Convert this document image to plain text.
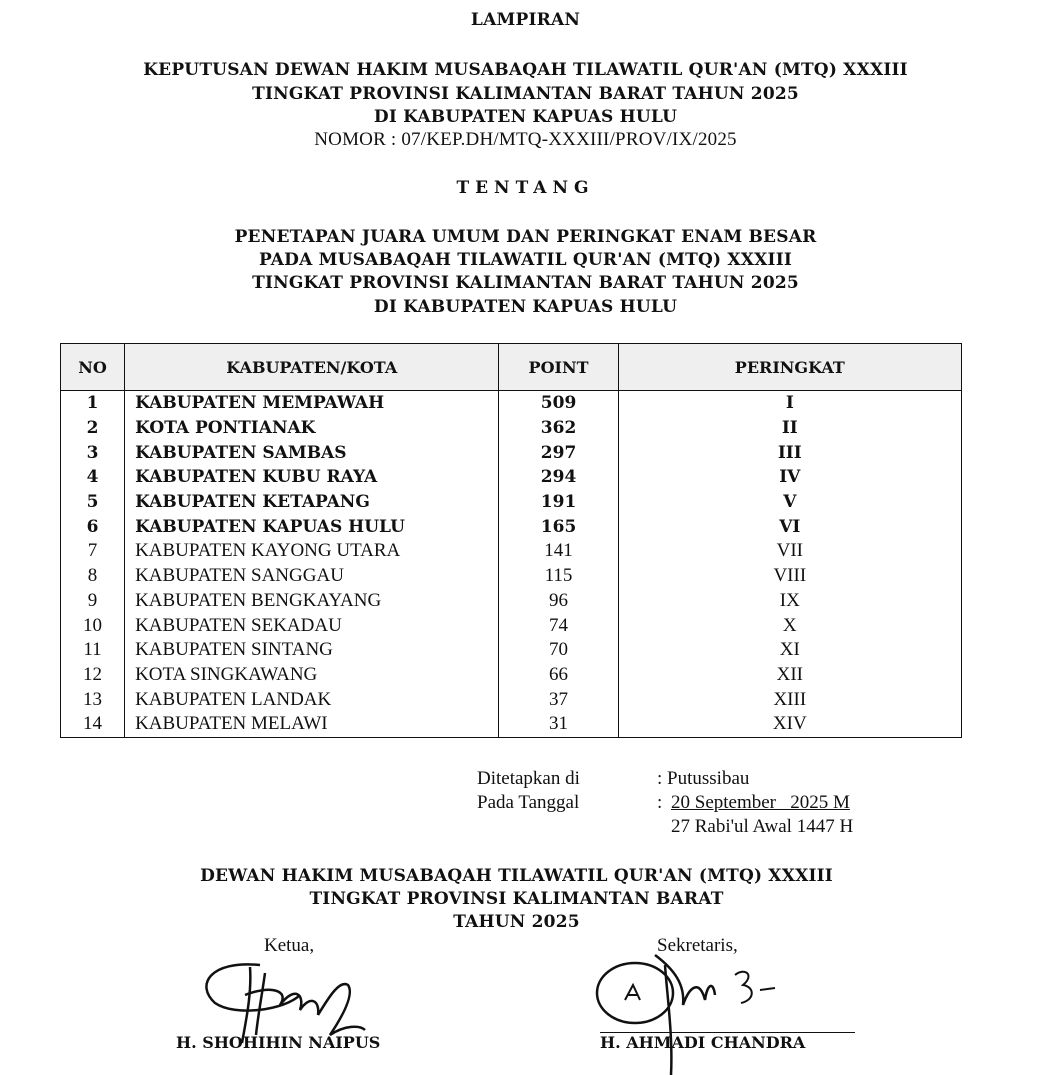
LAMPIRAN
KEPUTUSAN DEWAN HAKIM MUSABAQAH TILAWATIL QUR'AN (MTQ) XXXIII
TINGKAT PROVINSI KALIMANTAN BARAT TAHUN 2025
DI KABUPATEN KAPUAS HULU
NOMOR : 07/KEP.DH/MTQ-XXXIII/PROV/IX/2025
TENTANG
PENETAPAN JUARA UMUM DAN PERINGKAT ENAM BESAR
PADA MUSABAQAH TILAWATIL QUR'AN (MTQ) XXXIII
TINGKAT PROVINSI KALIMANTAN BARAT TAHUN 2025
DI KABUPATEN KAPUAS HULU
NO	KABUPATEN/KOTA	POINT	PERINGKAT
1	KABUPATEN MEMPAWAH	509	I
2	KOTA PONTIANAK	362	II
3	KABUPATEN SAMBAS	297	III
4	KABUPATEN KUBU RAYA	294	IV
5	KABUPATEN KETAPANG	191	V
6	KABUPATEN KAPUAS HULU	165	VI
7	KABUPATEN KAYONG UTARA	141	VII
8	KABUPATEN SANGGAU	115	VIII
9	KABUPATEN BENGKAYANG	96	IX
10	KABUPATEN SEKADAU	74	X
11	KABUPATEN SINTANG	70	XI
12	KOTA SINGKAWANG	66	XII
13	KABUPATEN LANDAK	37	XIII
14	KABUPATEN MELAWI	31	XIV
Ditetapkan di	: Putussibau
Pada Tanggal	: 20 September   2025 M
27 Rabi'ul Awal 1447 H
DEWAN HAKIM MUSABAQAH TILAWATIL QUR'AN (MTQ) XXXIII
TINGKAT PROVINSI KALIMANTAN BARAT
TAHUN 2025
Ketua,	Sekretaris,
H. SHOHIHIN NAIPUS	H. AHMADI CHANDRA
